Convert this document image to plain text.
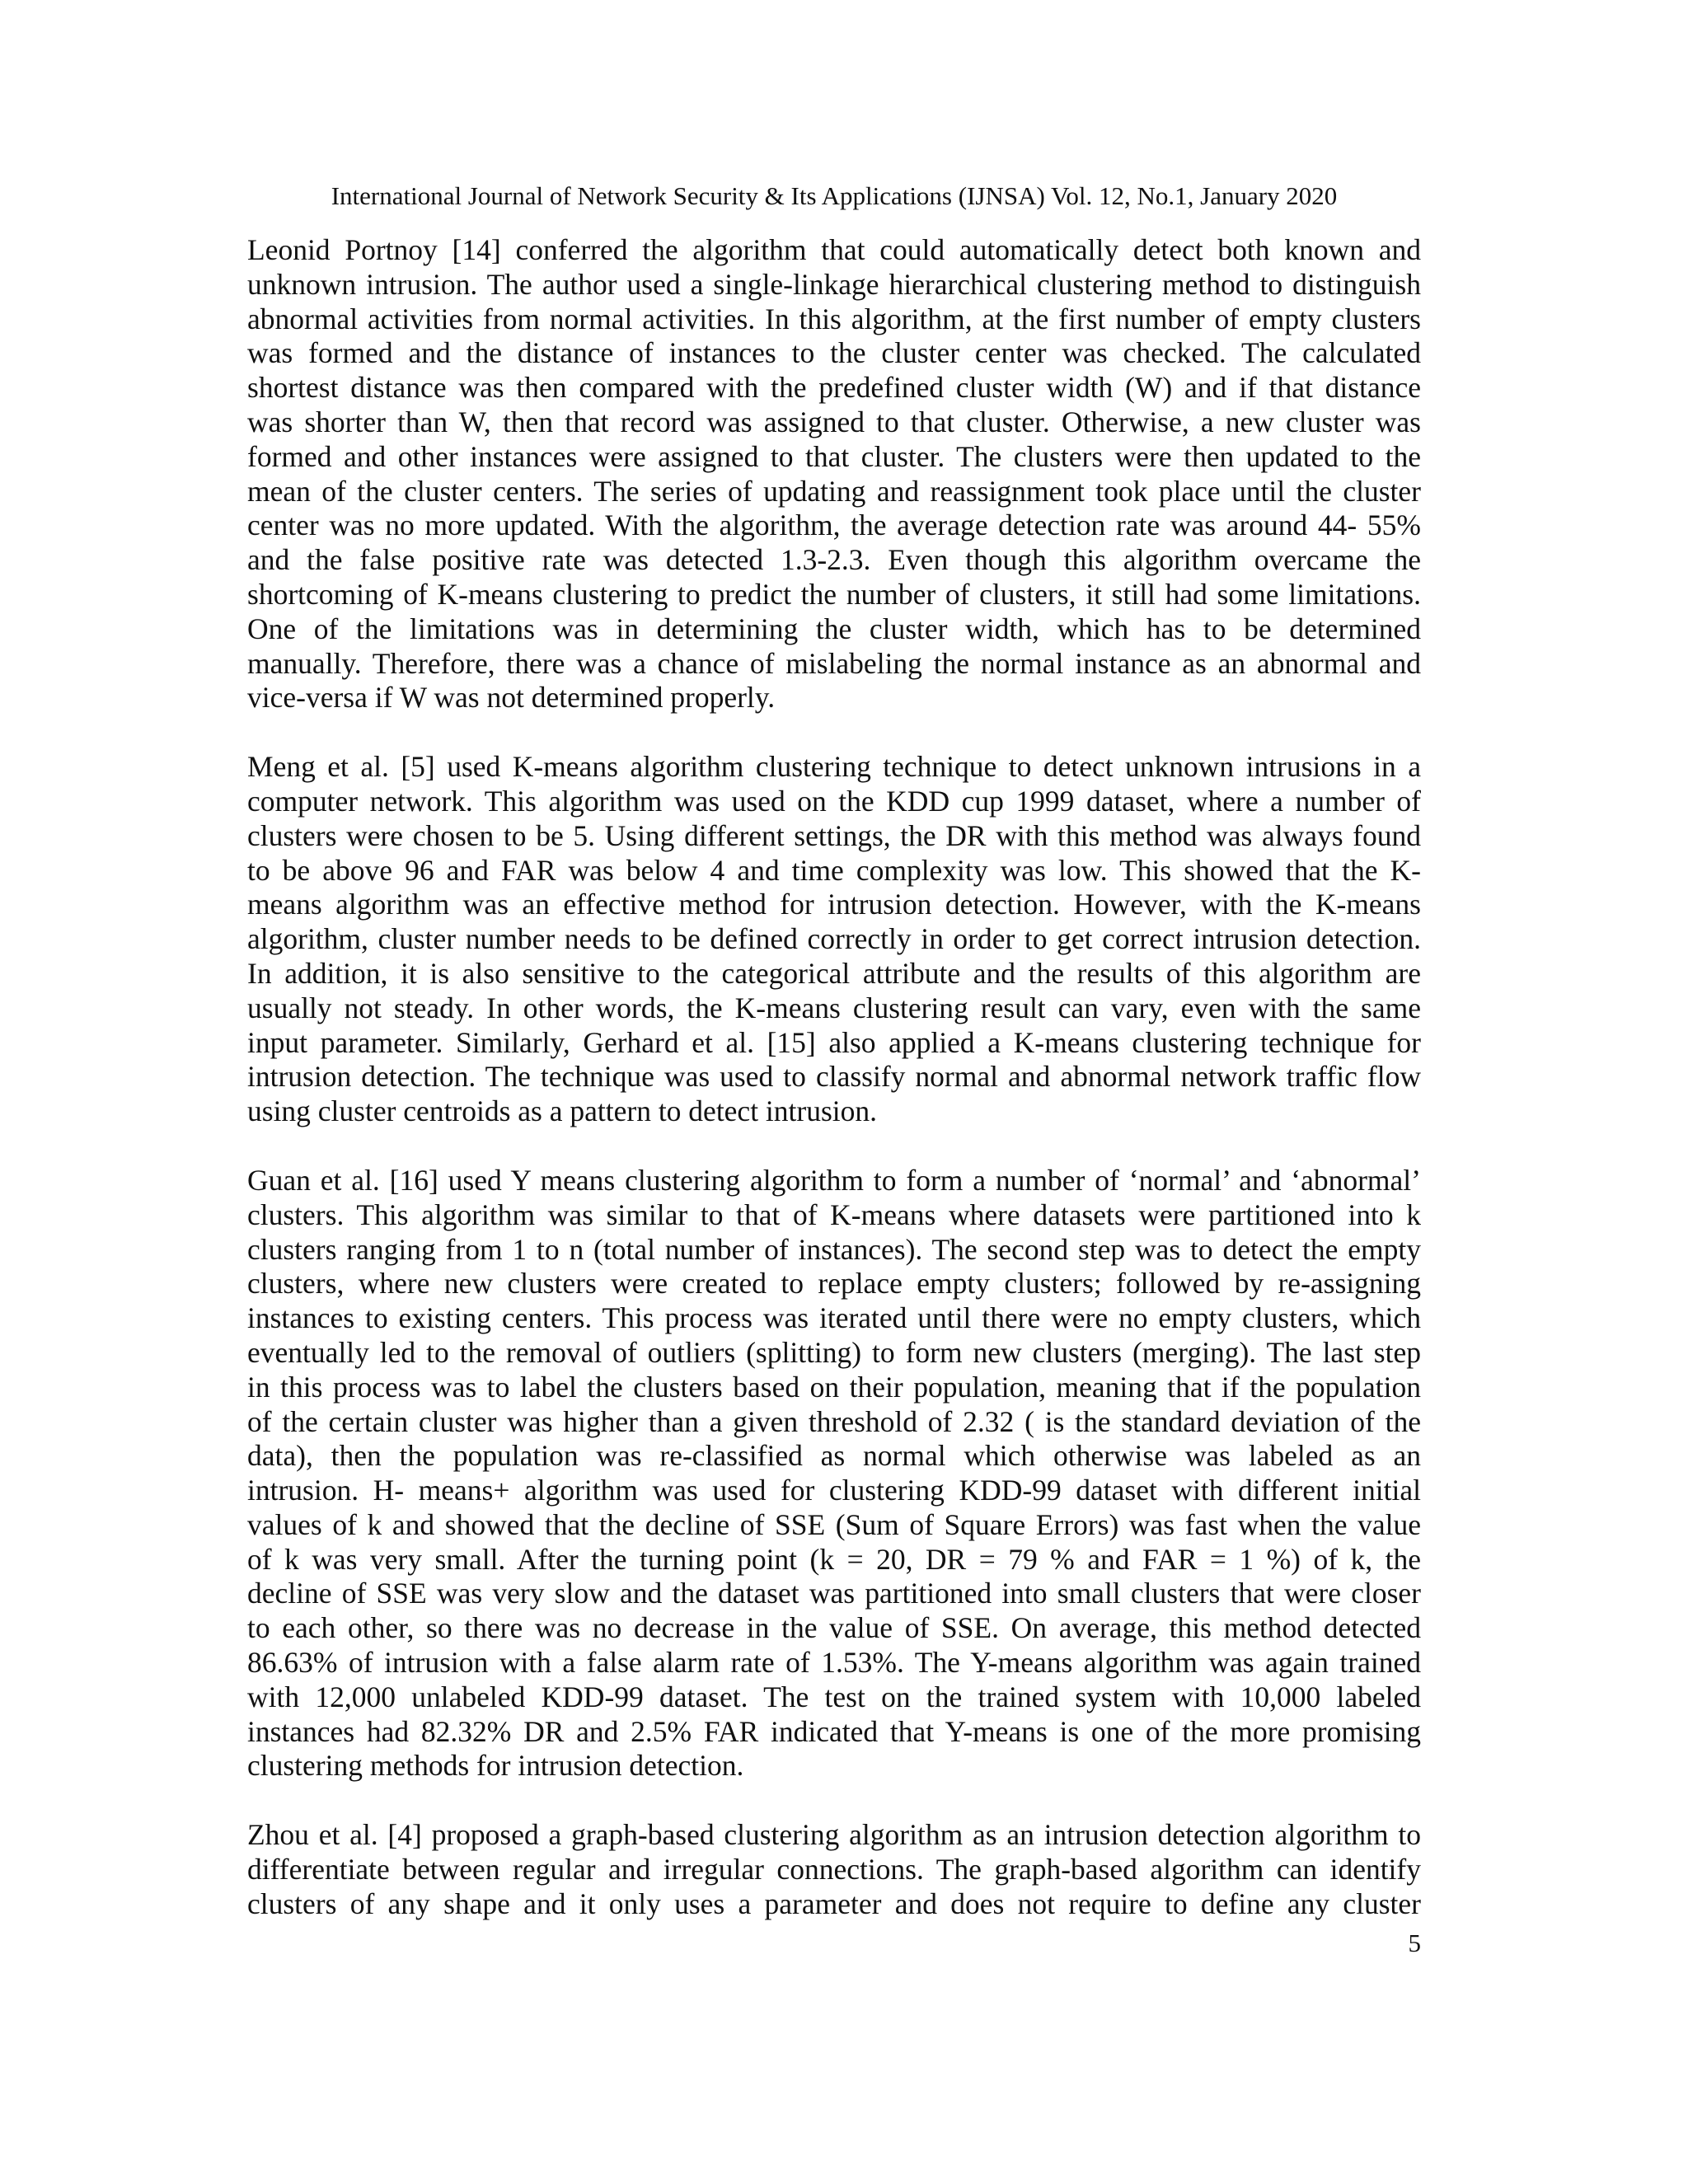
International Journal of Network Security & Its Applications (IJNSA) Vol. 12, No.1, January 2020
Leonid Portnoy [14] conferred the algorithm that could automatically detect both known and
unknown intrusion. The author used a single-linkage hierarchical clustering method to distinguish
abnormal activities from normal activities. In this algorithm, at the first number of empty clusters
was formed and the distance of instances to the cluster center was checked. The calculated
shortest distance was then compared with the predefined cluster width (W) and if that distance
was shorter than W, then that record was assigned to that cluster. Otherwise, a new cluster was
formed and other instances were assigned to that cluster. The clusters were then updated to the
mean of the cluster centers. The series of updating and reassignment took place until the cluster
center was no more updated. With the algorithm, the average detection rate was around 44- 55%
and the false positive rate was detected 1.3-2.3. Even though this algorithm overcame the
shortcoming of K-means clustering to predict the number of clusters, it still had some limitations.
One of the limitations was in determining the cluster width, which has to be determined
manually. Therefore, there was a chance of mislabeling the normal instance as an abnormal and
vice-versa if W was not determined properly.
Meng et al. [5] used K-means algorithm clustering technique to detect unknown intrusions in a
computer network. This algorithm was used on the KDD cup 1999 dataset, where a number of
clusters were chosen to be 5. Using different settings, the DR with this method was always found
to be above 96 and FAR was below 4 and time complexity was low. This showed that the K-
means algorithm was an effective method for intrusion detection. However, with the K-means
algorithm, cluster number needs to be defined correctly in order to get correct intrusion detection.
In addition, it is also sensitive to the categorical attribute and the results of this algorithm are
usually not steady. In other words, the K-means clustering result can vary, even with the same
input parameter. Similarly, Gerhard et al. [15] also applied a K-means clustering technique for
intrusion detection. The technique was used to classify normal and abnormal network traffic flow
using cluster centroids as a pattern to detect intrusion.
Guan et al. [16] used Y means clustering algorithm to form a number of ‘normal’ and ‘abnormal’
clusters. This algorithm was similar to that of K-means where datasets were partitioned into k
clusters ranging from 1 to n (total number of instances). The second step was to detect the empty
clusters, where new clusters were created to replace empty clusters; followed by re-assigning
instances to existing centers. This process was iterated until there were no empty clusters, which
eventually led to the removal of outliers (splitting) to form new clusters (merging). The last step
in this process was to label the clusters based on their population, meaning that if the population
of the certain cluster was higher than a given threshold of 2.32 ( is the standard deviation of the
data), then the population was re-classified as normal which otherwise was labeled as an
intrusion. H- means+ algorithm was used for clustering KDD-99 dataset with different initial
values of k and showed that the decline of SSE (Sum of Square Errors) was fast when the value
of k was very small. After the turning point (k = 20, DR = 79 % and FAR = 1 %) of k, the
decline of SSE was very slow and the dataset was partitioned into small clusters that were closer
to each other, so there was no decrease in the value of SSE. On average, this method detected
86.63% of intrusion with a false alarm rate of 1.53%. The Y-means algorithm was again trained
with 12,000 unlabeled KDD-99 dataset. The test on the trained system with 10,000 labeled
instances had 82.32% DR and 2.5% FAR indicated that Y-means is one of the more promising
clustering methods for intrusion detection.
Zhou et al. [4] proposed a graph-based clustering algorithm as an intrusion detection algorithm to
differentiate between regular and irregular connections. The graph-based algorithm can identify
clusters of any shape and it only uses a parameter and does not require to define any cluster
5
